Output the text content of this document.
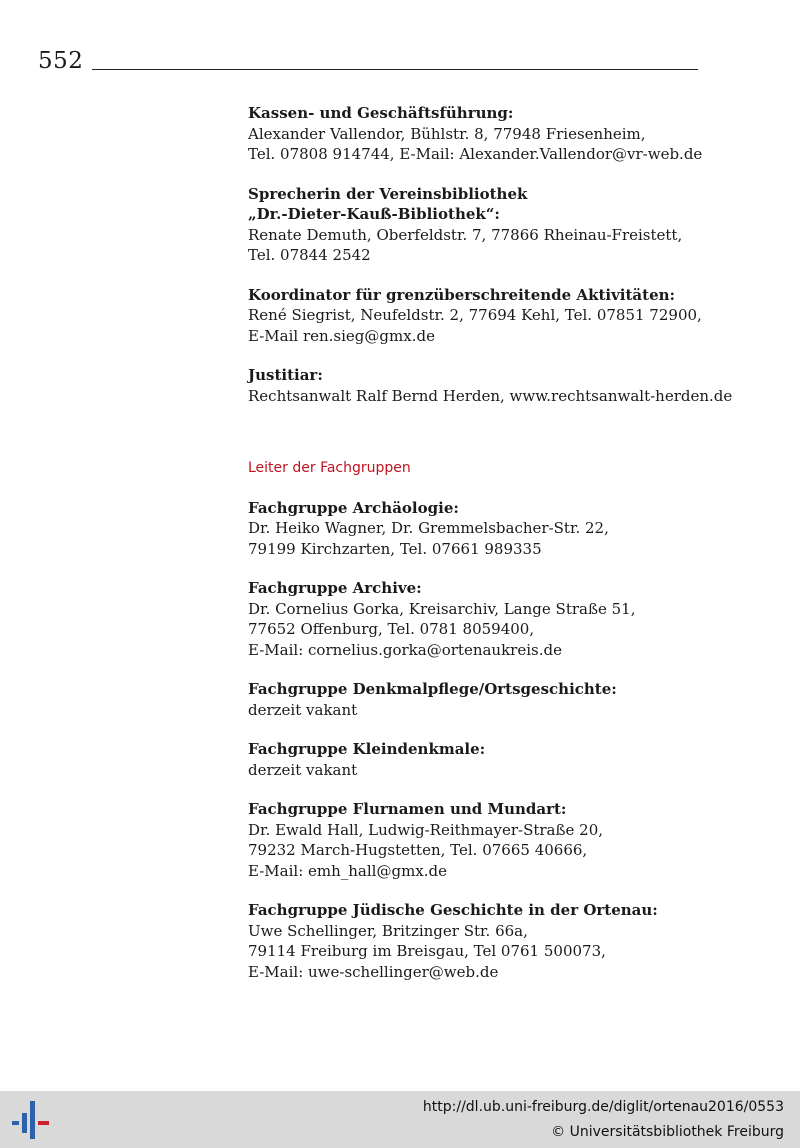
552
Kassen- und Geschäftsführung:
Alexander Vallendor, Bühlstr. 8, 77948 Friesenheim,
Tel. 07808 914744, E-Mail: Alexander.Vallendor@vr-web.de
Sprecherin der Vereinsbibliothek
„Dr.-Dieter-Kauß-Bibliothek“:
Renate Demuth, Oberfeldstr. 7, 77866 Rheinau-Freistett,
Tel. 07844 2542
Koordinator für grenzüberschreitende Aktivitäten:
René Siegrist, Neufeldstr. 2, 77694 Kehl, Tel. 07851 72900,
E-Mail ren.sieg@gmx.de
Justitiar:
Rechtsanwalt Ralf Bernd Herden, www.rechtsanwalt-herden.de
Leiter der Fachgruppen
Fachgruppe Archäologie:
Dr. Heiko Wagner, Dr. Gremmelsbacher-Str. 22,
79199 Kirchzarten, Tel. 07661 989335
Fachgruppe Archive:
Dr. Cornelius Gorka, Kreisarchiv, Lange Straße 51,
77652 Offenburg, Tel. 0781 8059400,
E-Mail: cornelius.gorka@ortenaukreis.de
Fachgruppe Denkmalpflege/Ortsgeschichte:
derzeit vakant
Fachgruppe Kleindenkmale:
derzeit vakant
Fachgruppe Flurnamen und Mundart:
Dr. Ewald Hall, Ludwig-Reithmayer-Straße 20,
79232 March-Hugstetten, Tel. 07665 40666,
E-Mail: emh_hall@gmx.de
Fachgruppe Jüdische Geschichte in der Ortenau:
Uwe Schellinger, Britzinger Str. 66a,
79114 Freiburg im Breisgau, Tel 0761 500073,
E-Mail: uwe-schellinger@web.de
http://dl.ub.uni-freiburg.de/diglit/ortenau2016/0553
© Universitätsbibliothek Freiburg
